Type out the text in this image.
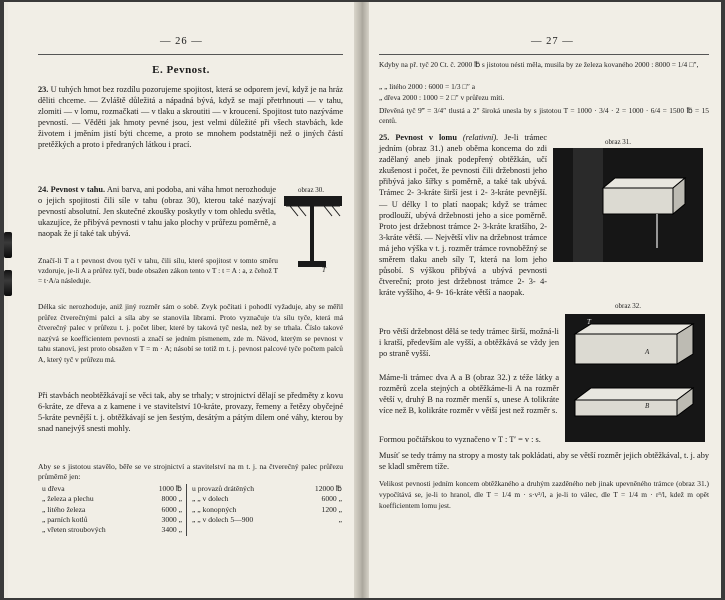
— 26 —
E. Pevnost.
23. U tuhých hmot bez rozdílu pozorujeme spojitost, která se odporem jeví, když je na hráz děliti chceme. — Zvláště důležitá a nápadná bývá, když se mají přetrhnouti — v tahu, zlomiti — v lomu, rozmačkati — v tlaku a skroutiti — v kroucení. Spojitost tuto nazýváme pevností. — Věděti jak hmoty pevné jsou, jest velmi důležité při všech stavbách, kde životem i jměním jistí býti chceme, a proto se mnohem podstatněji než o jiných částí pretěžkých a proto i předraných látkou i prací.
24. Pevnost v tahu. Ani barva, ani podoba, ani váha hmot nerozhoduje o jejich spojitosti čili síle v tahu (obraz 30), kterou také nazývají pevností absolutní. Jen skutečné zkoušky poskytly v tom ohledu světla, ukazujíce, že přibývá pevnosti v tahu jako plochy v průřezu poměrně, a naopak že jí také tak ubývá.
obraz 30.
T
Značí-li T a t pevnost dvou tyčí v tahu, čili sílu, které spojitost v tomto směru vzdoruje, je-li A a průřez tyčí, bude obsažen zákon tento v T : t = A : a, z čehož T = t·A/a následuje.
Délka sic nerozhoduje, aniž jiný rozměr sám o sobě. Zvyk počítati i pohodlí vyžaduje, aby se měřil průřez čtverečnými palci a síla aby se stanovila librami. Proto vyznačuje t/a sílu tyče, která má čtverečný palec v průřezu t. j. počet liber, které by taková tyč nesla, než by se trhala. Číslo takové nazývá se koefficientem pevnosti a značí se jedním písmenem, zde m. Návod, kterým se pevnost v tahu stanoví, jest proto obsažen v T = m · A; násobí se totiž m t. j. pevnost palcové tyče počtem palců A, který tyč v průřezu má.
Při stavbách neobtěžkávají se věci tak, aby se trhaly; v strojnictví dělají se předměty z kovu 6-kráte, ze dřeva a z kamene i ve stavitelství 10-kráte, provazy, řemeny a řetězy obyčejné 5-kráte pevnější t. j. obtěžkávají se jen šestým, desátým a pátým dílem oné váhy, kterou by snad nanejvýš snesti mohly.
Aby se s jistotou stavělo, běře se ve strojnictví a stavitelství na m t. j. na čtverečný palec průřezu průměrně jen:
u dřeva	1000 ℔
„ železa a plechu	8000 „
„ litého železa	6000 „
„ parních kotlů	3000 „
„ vřeten stroubových	3400 „
u provazů drátěných	12000 ℔
„ „ v dolech	6000 „
„ „ konopných	1200 „
„ „ v dolech 5—900	„
— 27 —
Kdyby na př. tyč 20 Ct. č. 2000 ℔ s jistotou nésti měla, musila by ze železa kovaného 2000 : 8000 = 1/4 □″,
„ „ litého 2000 : 6000 = 1/3 □″ a
„ dřeva 2000 : 1000 = 2 □″ v průřezu míti.
Dřevěná tyč 9‴ = 3/4″ tlustá a 2″ široká unesla by s jistotou T = 1000 · 3/4 · 2 = 1000 · 6/4 = 1500 ℔ = 15 centů.
25. Pevnost v lomu (relativní). Je-li trámec jedním (obraz 31.) aneb oběma koncema do zdi zadělaný aneb jinak podepřený obtěžkán, učí zkušenost i počet, že pevnosti čili držebnosti jeho přibývá jako šířky s poměrně, a také tak ubývá. Trámec 2- 3-kráte širší jest i 2- 3-kráte pevnější. — U délky l to platí naopak; když se trámec prodlouží, ubývá držebnosti jeho a sice poměrně. Proto jest držebnost trámce 2- 3-kráte kratšího, 2- 3-kráte větší. — Největší vliv na držebnost trámce má jeho výška v t. j. rozměr trámce rovnoběžný se směrem tlaku aneb síly T, která na lom jeho působí. S výškou přibývá a ubývá pevnosti čtvereční; proto jest držebnost trámce 2- 3- 4-kráte vyššího, 4- 9- 16-kráte větší a naopak.
obraz 31.
obraz 32.
T
A
B
Pro větší držebnost dělá se tedy trámec širší, možná-li i kratší, především ale vyšší, a obtěžkává se vždy jen po straně vyšší.
Máme-li trámec dva A a B (obraz 32.) z téže látky a rozměrů zcela stejných a obtěžkáme-li A na rozměr větší v, druhý B na rozměr menší s, unese A tolikráte více než B, kolikráte rozměr v větší jest než rozměr s.
Formou počtářskou to vyznačeno v T : T′ = v : s.
Musíť se tedy trámy na stropy a mosty tak pokládati, aby se větší rozměr jejich obtěžkával, t. j. aby se kladl směrem tíže.
Velikost pevnosti jedním koncem obtěžkaného a druhým zazděného neb jinak upevněného trámce (obraz 31.) vypočítává se, je-li to hranol, dle T = 1/4 m · s·v²/l, a je-li to válec, dle T = 1/4 m · r³/l, kdež m opět koefficientem lomu jest.
